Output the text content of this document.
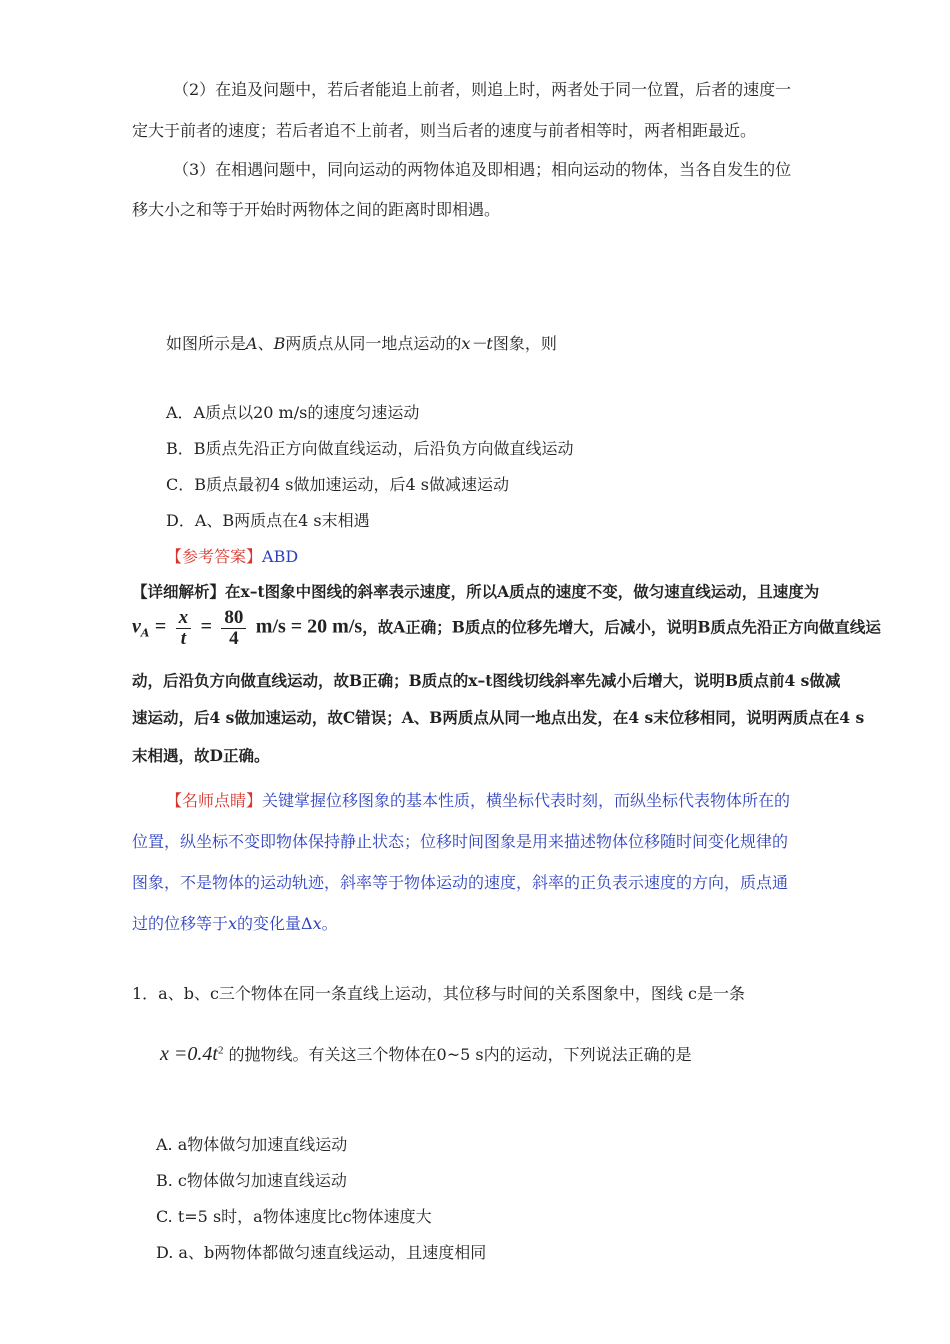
（2）在追及问题中，若后者能追上前者，则追上时，两者处于同一位置，后者的速度一
定大于前者的速度；若后者追不上前者，则当后者的速度与前者相等时，两者相距最近。
（3）在相遇问题中，同向运动的两物体追及即相遇；相向运动的物体，当各自发生的位
移大小之和等于开始时两物体之间的距离时即相遇。
如图所示是A、B两质点从同一地点运动的x－t图象，则
A．A质点以20 m/s的速度匀速运动
B．B质点先沿正方向做直线运动，后沿负方向做直线运动
C．B质点最初4 s做加速运动，后4 s做减速运动
D．A、B两质点在4 s末相遇
【参考答案】ABD
【详细解析】在x–t图象中图线的斜率表示速度，所以A质点的速度不变，做匀速直线运动，且速度为
$v_A = \frac{x}{t} = \frac{80}{4} m/s = 20$ m/s，故A正确；B质点的位移先增大，后减小，说明B质点先沿正方向做直线运
动，后沿负方向做直线运动，故B正确；B质点的x–t图线切线斜率先减小后增大，说明B质点前4 s做减
速运动，后4 s做加速运动，故C错误；A、B两质点从同一地点出发，在4 s末位移相同，说明两质点在4 s
末相遇，故D正确。
【名师点睛】关键掌握位移图象的基本性质，横坐标代表时刻，而纵坐标代表物体所在的
位置，纵坐标不变即物体保持静止状态；位移时间图象是用来描述物体位移随时间变化规律的
图象，不是物体的运动轨迹，斜率等于物体运动的速度，斜率的正负表示速度的方向，质点通
过的位移等于x的变化量Δx。
1．a、b、c三个物体在同一条直线上运动，其位移与时间的关系图象中，图线 c是一条
$x =0.4t^2$ 的抛物线。有关这三个物体在0~5 s内的运动，下列说法正确的是
A. a物体做匀加速直线运动
B. c物体做匀加速直线运动
C. t=5 s时，a物体速度比c物体速度大
D. a、b两物体都做匀速直线运动，且速度相同
